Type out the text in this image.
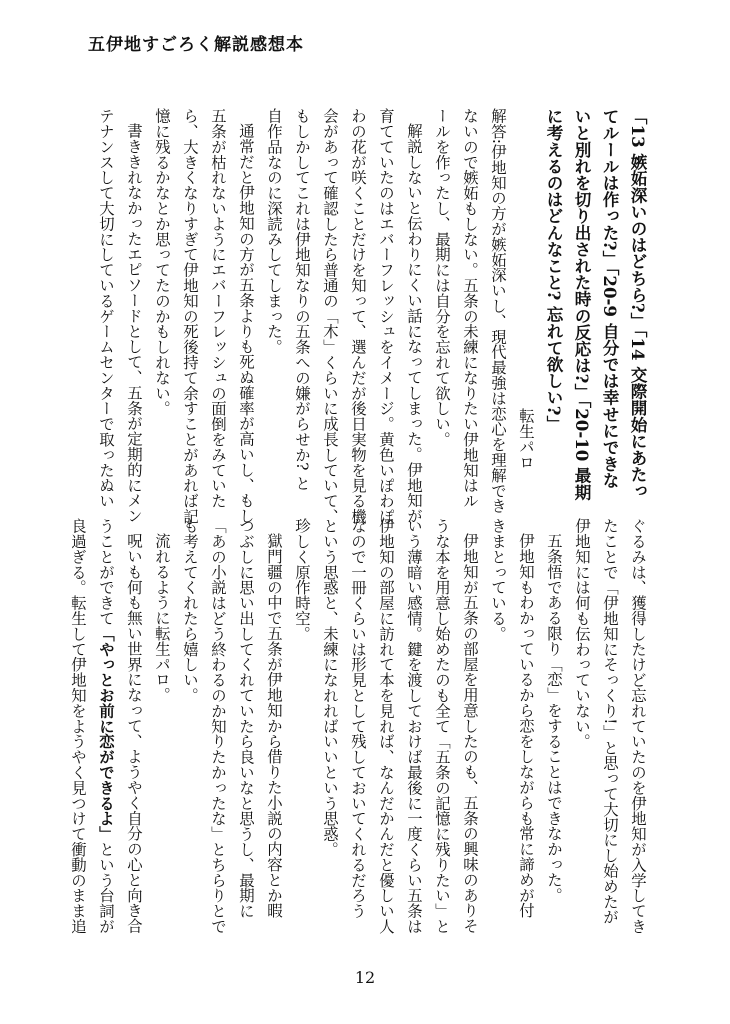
五伊地すごろく解説感想本

「13 嫉妬深いのはどちら?」「14 交際開始にあたっ

てルールは作った?」「20-9 自分では幸せにできな

いと別れを切り出された時の反応は?」「20-10 最期

に考えるのはどんなこと? 忘れて欲しい?」

転生パロ

解答:伊地知の方が嫉妬深いし、現代最強は恋心を理解でき

ないので嫉妬もしない。五条の未練になりたい伊地知はル

ールを作ったし、最期には自分を忘れて欲しい。

解説しないと伝わりにくい話になってしまった。伊地知が

育てていたのはエバーフレッシュをイメージ。黄色いぽわぽ

わの花が咲くことだけを知って、選んだが後日実物を見る機

会があって確認したら普通の「木」くらいに成長していて、

もしかしてこれは伊地知なりの五条への嫌がらせか? と

自作品なのに深読みしてしまった。

通常だと伊地知の方が五条よりも死ぬ確率が高いし、もし

五条が枯れないようにエバーフレッシュの面倒をみていた

ら、大きくなりすぎて伊地知の死後持て余すことがあれば記

憶に残るかなとか思ってたのかもしれない。

書ききれなかったエピソードとして、五条が定期的にメン

テナンスして大切にしているゲームセンターで取ったぬい

ぐるみは、獲得したけど忘れていたのを伊地知が入学してき

たことで「伊地知にそっくり!」と思って大切にし始めたが

伊地知には何も伝わっていない。

五条悟である限り「恋」をすることはできなかった。

伊地知もわかっているから恋をしながらも常に諦めが付

きまとっている。

伊地知が五条の部屋を用意したのも、五条の興味のありそ

うな本を用意し始めたのも全て「五条の記憶に残りたい」と

いう薄暗い感情。鍵を渡しておけば最後に一度くらい五条は

伊地知の部屋に訪れて本を見れば、なんだかんだと優しい人

なので一冊くらいは形見として残しておいてくれるだろう

という思惑と、未練になれればいいという思惑。

珍しく原作時空。

獄門疆の中で五条が伊地知から借りた小説の内容とか暇

つぶしに思い出してくれていたら良いなと思うし、最期に

「あの小説はどう終わるのか知りたかったな」とちらりとで

も考えてくれたら嬉しい。

流れるように転生パロ。

呪いも何も無い世界になって、ようやく自分の心と向き合

うことができて「やっとお前に恋ができるよ」という台詞が

良過ぎる。転生して伊地知をようやく見つけて衝動のまま追

12
